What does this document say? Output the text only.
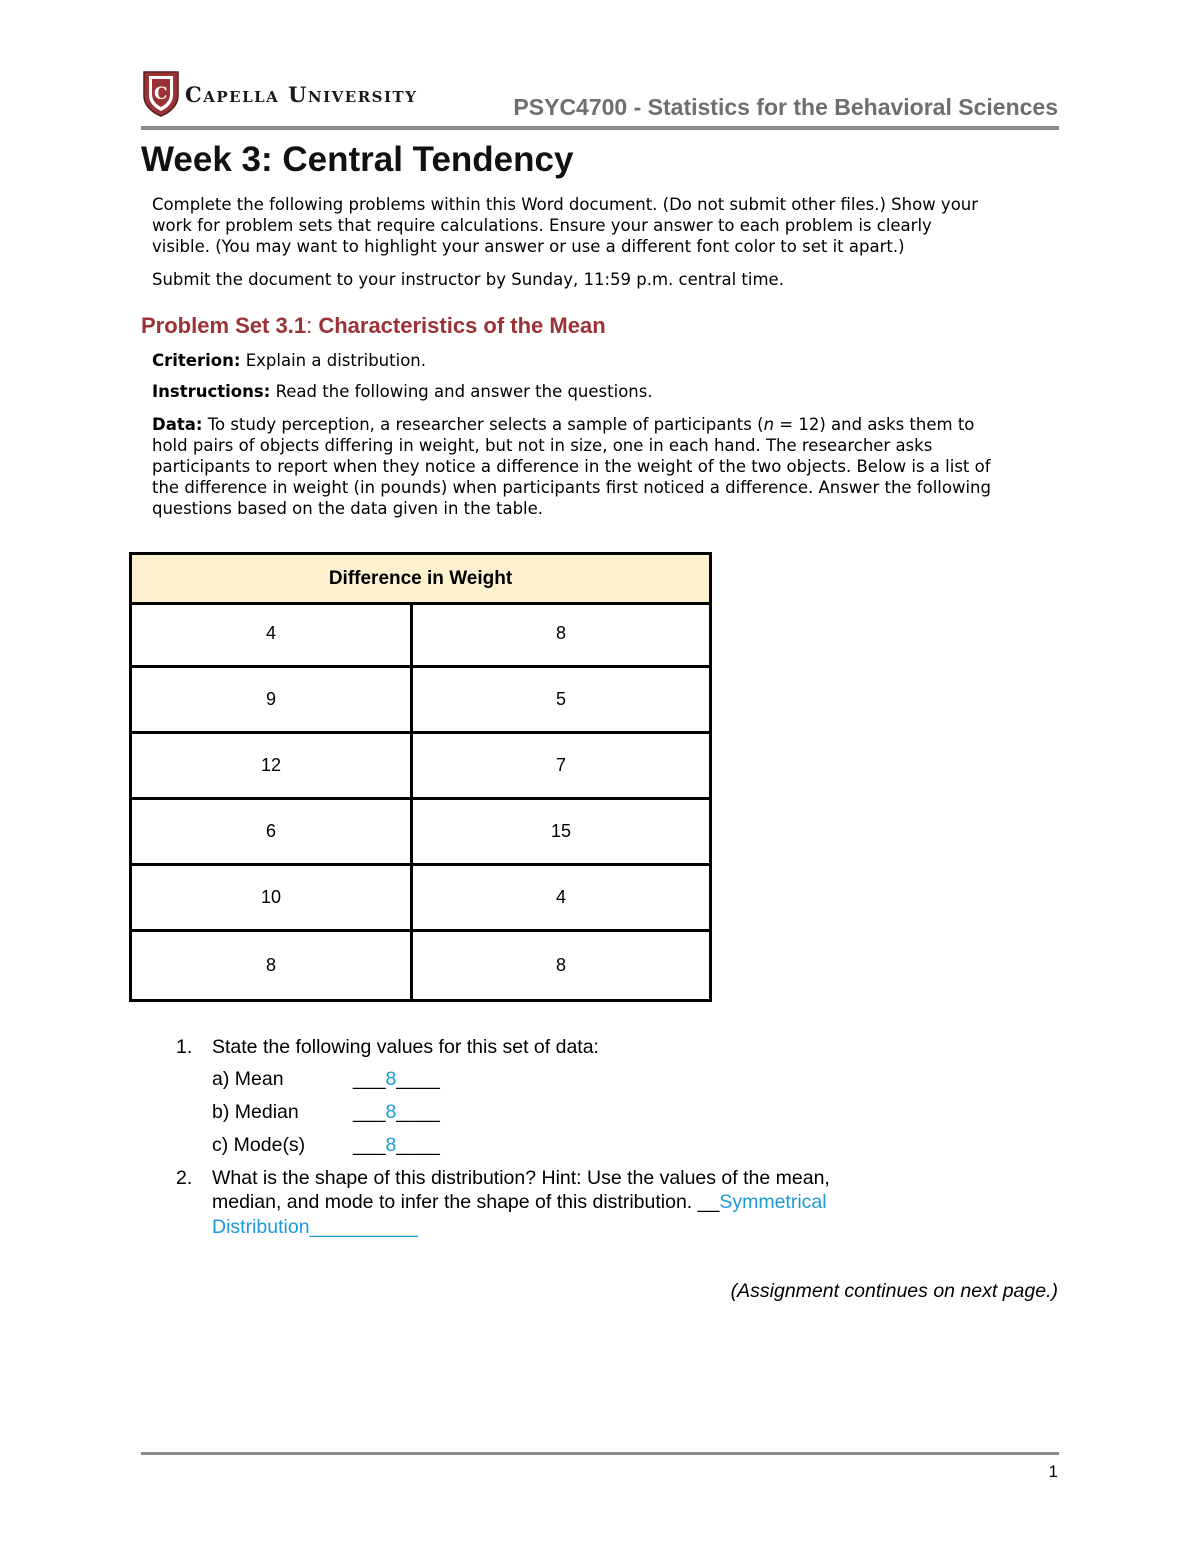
C Capella University	PSYC4700 - Statistics for the Behavioral Sciences
Week 3: Central Tendency
Complete the following problems within this Word document. (Do not submit other files.) Show your
work for problem sets that require calculations. Ensure your answer to each problem is clearly
visible. (You may want to highlight your answer or use a different font color to set it apart.)
Submit the document to your instructor by Sunday, 11:59 p.m. central time.
Problem Set 3.1: Characteristics of the Mean
Criterion: Explain a distribution.
Instructions: Read the following and answer the questions.
Data: To study perception, a researcher selects a sample of participants (n = 12) and asks them to
hold pairs of objects differing in weight, but not in size, one in each hand. The researcher asks
participants to report when they notice a difference in the weight of the two objects. Below is a list of
the difference in weight (in pounds) when participants first noticed a difference. Answer the following
questions based on the data given in the table.
Difference in Weight
4	8
9	5
12	7
6	15
10	4
8	8
1. State the following values for this set of data:
a) Mean	___8____
b) Median	___8____
c) Mode(s) ___8____
2. What is the shape of this distribution? Hint: Use the values of the mean,
median, and mode to infer the shape of this distribution. __Symmetrical
Distribution__________
(Assignment continues on next page.)
1
